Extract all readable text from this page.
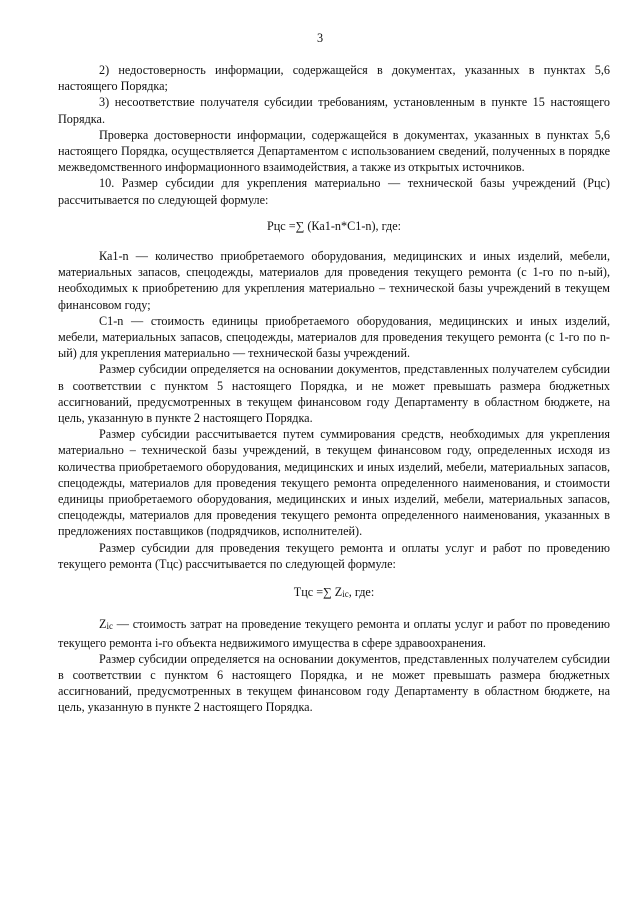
3

2) недостоверность информации, содержащейся в документах, указанных в пунктах 5,6 настоящего Порядка;

3) несоответствие получателя субсидии требованиям, установленным в пункте 15 настоящего Порядка.

Проверка достоверности информации, содержащейся в документах, указанных в пунктах 5,6 настоящего Порядка, осуществляется Департаментом с использованием сведений, полученных в порядке межведомственного информационного взаимодействия, а также из открытых источников.

10. Размер субсидии для укрепления материально — технической базы учреждений (Рцс) рассчитывается по следующей формуле:

Рцс =∑ (Ка1-n*С1-n), где:

Ка1-n — количество приобретаемого оборудования, медицинских и иных изделий, мебели, материальных запасов, спецодежды, материалов для проведения текущего ремонта (с 1-го по n-ый), необходимых к приобретению для укрепления материально – технической базы учреждений в текущем финансовом году;

С1-n — стоимость единицы приобретаемого оборудования, медицинских и иных изделий, мебели, материальных запасов, спецодежды, материалов для проведения текущего ремонта (с 1-го по n-ый) для укрепления материально — технической базы учреждений.

Размер субсидии определяется на основании документов, представленных получателем субсидии в соответствии с пунктом 5 настоящего Порядка, и не может превышать размера бюджетных ассигнований, предусмотренных в текущем финансовом году Департаменту в областном бюджете, на цель, указанную в пункте 2 настоящего Порядка.

Размер субсидии рассчитывается путем суммирования средств, необходимых для укрепления материально – технической базы учреждений, в текущем финансовом году, определенных исходя из количества приобретаемого оборудования, медицинских и иных изделий, мебели, материальных запасов, спецодежды, материалов для проведения текущего ремонта определенного наименования, и стоимости единицы приобретаемого оборудования, медицинских и иных изделий, мебели, материальных запасов, спецодежды, материалов для проведения текущего ремонта определенного наименования, указанных в предложениях поставщиков (подрядчиков, исполнителей).

Размер субсидии для проведения текущего ремонта и оплаты услуг и работ по проведению текущего ремонта (Тцс) рассчитывается по следующей формуле:

Тцс =∑ Zic, где:

Zic — стоимость затрат на проведение текущего ремонта и оплаты услуг и работ по проведению текущего ремонта i-го объекта недвижимого имущества в сфере здравоохранения.

Размер субсидии определяется на основании документов, представленных получателем субсидии в соответствии с пунктом 6 настоящего Порядка, и не может превышать размера бюджетных ассигнований, предусмотренных в текущем финансовом году Департаменту в областном бюджете, на цель, указанную в пункте 2 настоящего Порядка.
